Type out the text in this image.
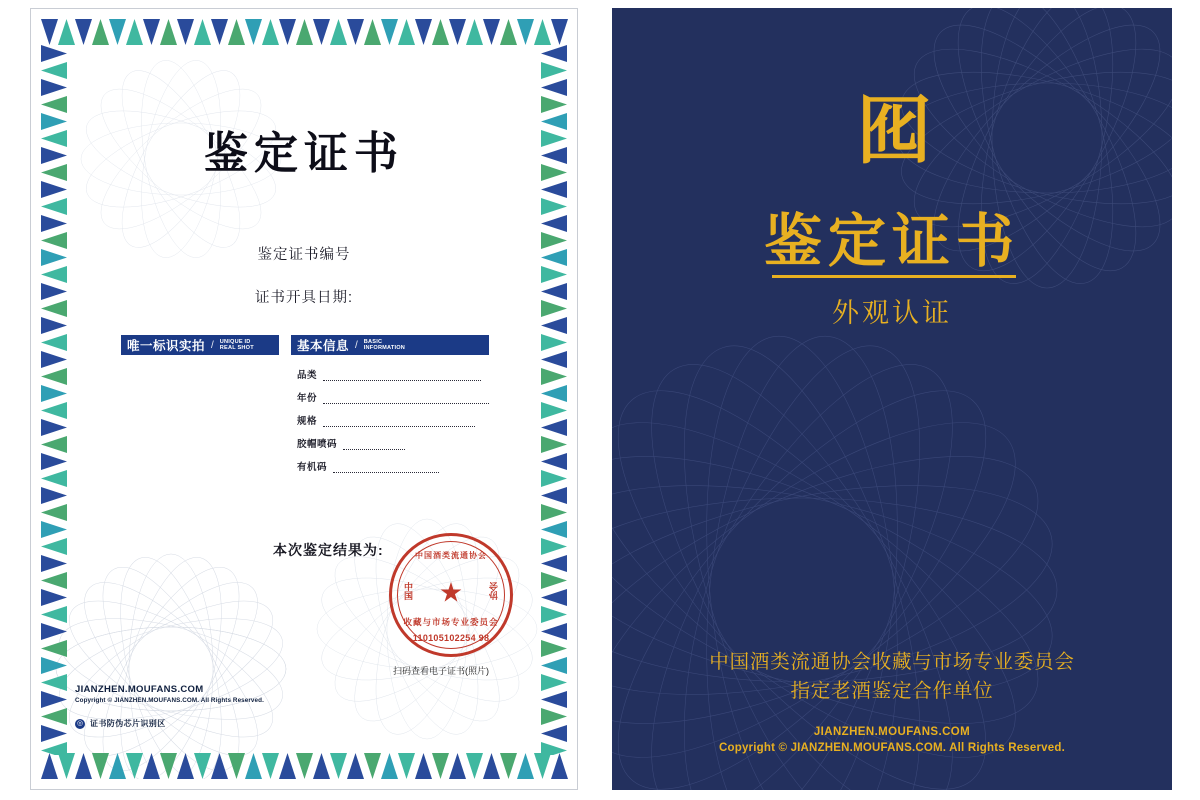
鉴定证书
鉴定证书编号
证书开具日期:
唯一标识实拍 / UNIQUE ID
REAL SHOT	基本信息 / BASIC
INFORMATION
品类
年份
规格
胶帽喷码
有机码
本次鉴定结果为:	中国酒类流通协会
中国	协会
★
收藏与市场专业委员会
110105102254 98
扫码查看电子证书(照片)
JIANZHEN.MOUFANS.COM
Copyright © JIANZHEN.MOUFANS.COM. All Rights Reserved.
◎ 证书防伪芯片识别区
囮
鉴定证书
外观认证
中国酒类流通协会收藏与市场专业委员会
指定老酒鉴定合作单位
JIANZHEN.MOUFANS.COM
Copyright © JIANZHEN.MOUFANS.COM. All Rights Reserved.
